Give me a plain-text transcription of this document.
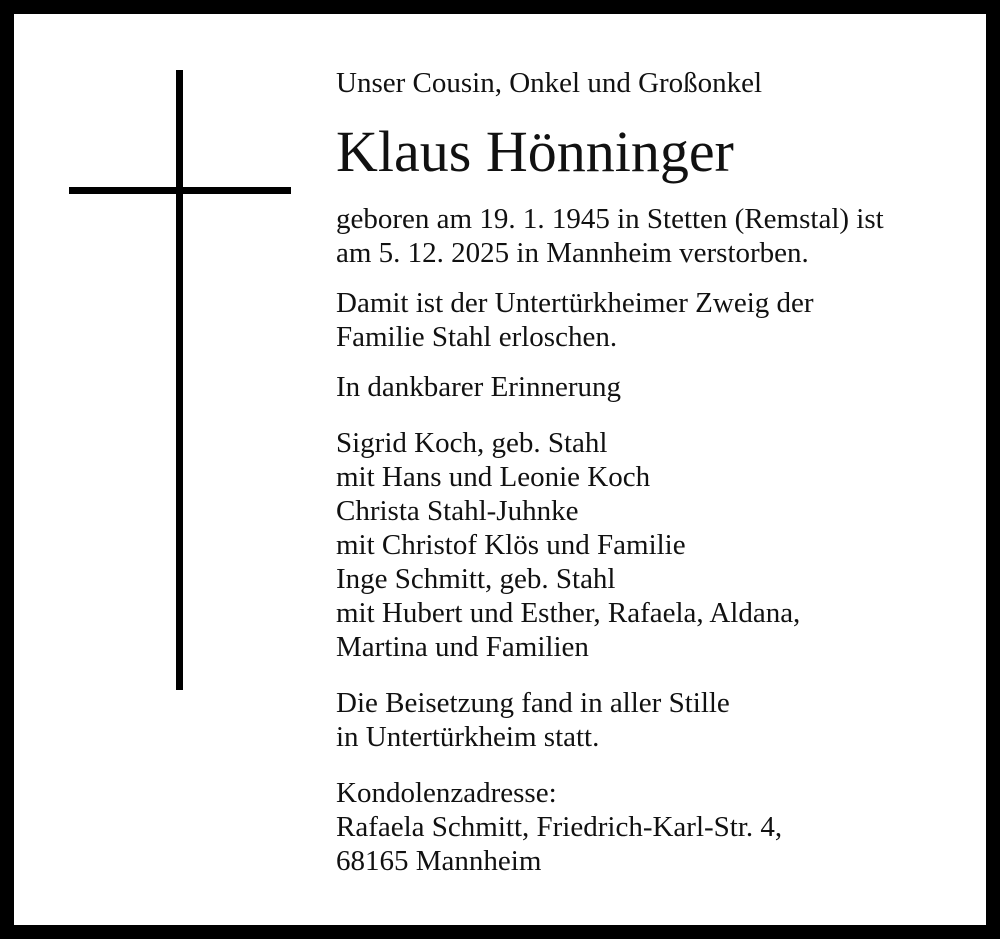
Unser Cousin, Onkel und Großonkel
Klaus Hönninger
geboren am 19. 1. 1945 in Stetten (Remstal) ist
am 5. 12. 2025 in Mannheim verstorben.
Damit ist der Untertürkheimer Zweig der
Familie Stahl erloschen.
In dankbarer Erinnerung
Sigrid Koch, geb. Stahl
mit Hans und Leonie Koch
Christa Stahl-Juhnke
mit Christof Klös und Familie
Inge Schmitt, geb. Stahl
mit Hubert und Esther, Rafaela, Aldana,
Martina und Familien
Die Beisetzung fand in aller Stille
in Untertürkheim statt.
Kondolenzadresse:
Rafaela Schmitt, Friedrich-Karl-Str. 4,
68165 Mannheim
